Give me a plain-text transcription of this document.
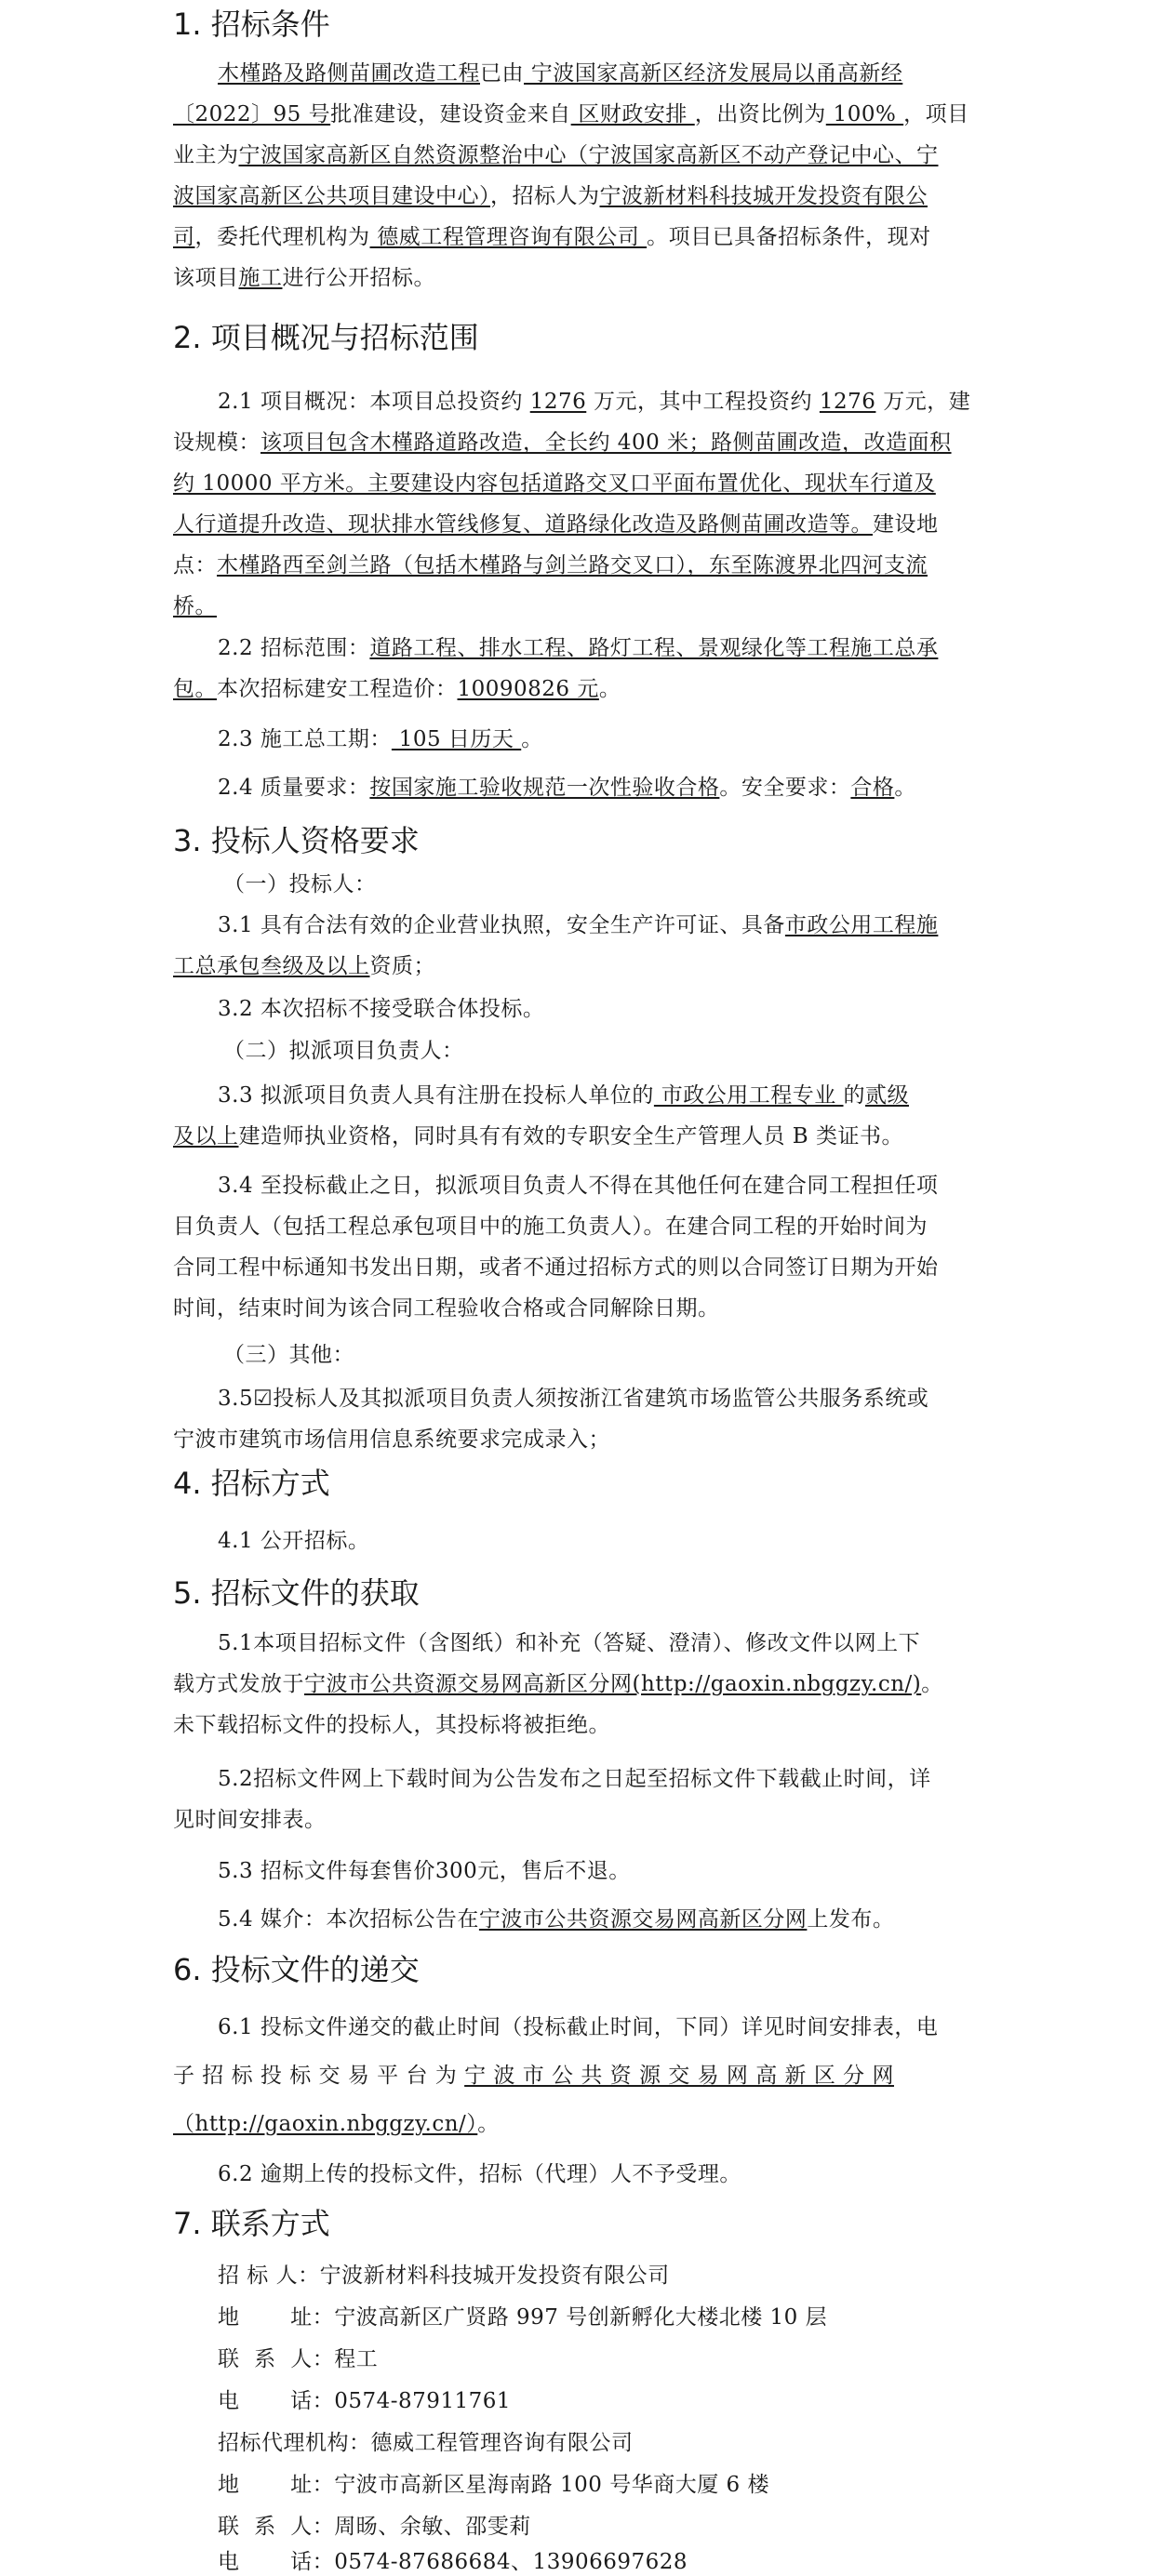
1. 招标条件
木槿路及路侧苗圃改造工程已由 宁波国家高新区经济发展局以甬高新经
〔2022〕95 号批准建设，建设资金来自 区财政安排 ，出资比例为 100% ，项目
业主为宁波国家高新区自然资源整治中心（宁波国家高新区不动产登记中心、宁
波国家高新区公共项目建设中心），招标人为宁波新材料科技城开发投资有限公
司，委托代理机构为 德威工程管理咨询有限公司 。项目已具备招标条件，现对
该项目施工进行公开招标。
2. 项目概况与招标范围
2.1 项目概况：本项目总投资约 1276 万元，其中工程投资约 1276 万元，建
设规模：该项目包含木槿路道路改造，全长约 400 米；路侧苗圃改造，改造面积
约 10000 平方米。主要建设内容包括道路交叉口平面布置优化、现状车行道及
人行道提升改造、现状排水管线修复、道路绿化改造及路侧苗圃改造等。建设地
点：木槿路西至剑兰路（包括木槿路与剑兰路交叉口），东至陈渡界北四河支流
桥。
2.2 招标范围：道路工程、排水工程、路灯工程、景观绿化等工程施工总承
包。本次招标建安工程造价：10090826 元。
2.3 施工总工期： 105 日历天 。
2.4 质量要求：按国家施工验收规范一次性验收合格。安全要求：合格。
3. 投标人资格要求
（一）投标人：
3.1 具有合法有效的企业营业执照，安全生产许可证、具备市政公用工程施
工总承包叁级及以上资质；
3.2 本次招标不接受联合体投标。
（二）拟派项目负责人：
3.3 拟派项目负责人具有注册在投标人单位的 市政公用工程专业 的贰级
及以上建造师执业资格，同时具有有效的专职安全生产管理人员 B 类证书。
3.4 至投标截止之日，拟派项目负责人不得在其他任何在建合同工程担任项
目负责人（包括工程总承包项目中的施工负责人）。在建合同工程的开始时间为
合同工程中标通知书发出日期，或者不通过招标方式的则以合同签订日期为开始
时间，结束时间为该合同工程验收合格或合同解除日期。
（三）其他：
3.5☑投标人及其拟派项目负责人须按浙江省建筑市场监管公共服务系统或
宁波市建筑市场信用信息系统要求完成录入；
4. 招标方式
4.1 公开招标。
5. 招标文件的获取
5.1本项目招标文件（含图纸）和补充（答疑、澄清）、修改文件以网上下
载方式发放于宁波市公共资源交易网高新区分网(http://gaoxin.nbggzy.cn/)。
未下载招标文件的投标人，其投标将被拒绝。
5.2招标文件网上下载时间为公告发布之日起至招标文件下载截止时间，详
见时间安排表。
5.3 招标文件每套售价300元，售后不退。
5.4 媒介：本次招标公告在宁波市公共资源交易网高新区分网上发布。
6. 投标文件的递交
6.1 投标文件递交的截止时间（投标截止时间，下同）详见时间安排表，电
子 招 标 投 标 交 易 平 台 为 宁 波 市 公 共 资 源 交 易 网 高 新 区 分 网
（http://gaoxin.nbggzy.cn/）。
6.2 逾期上传的投标文件，招标（代理）人不予受理。
7. 联系方式
招 标 人：宁波新材料科技城开发投资有限公司
地       址：宁波高新区广贤路 997 号创新孵化大楼北楼 10 层
联  系  人：程工
电       话：0574-87911761
招标代理机构：德威工程管理咨询有限公司
地       址：宁波市高新区星海南路 100 号华商大厦 6 楼
联  系  人：周旸、余敏、邵雯莉
电       话：0574-87686684、13906697628
